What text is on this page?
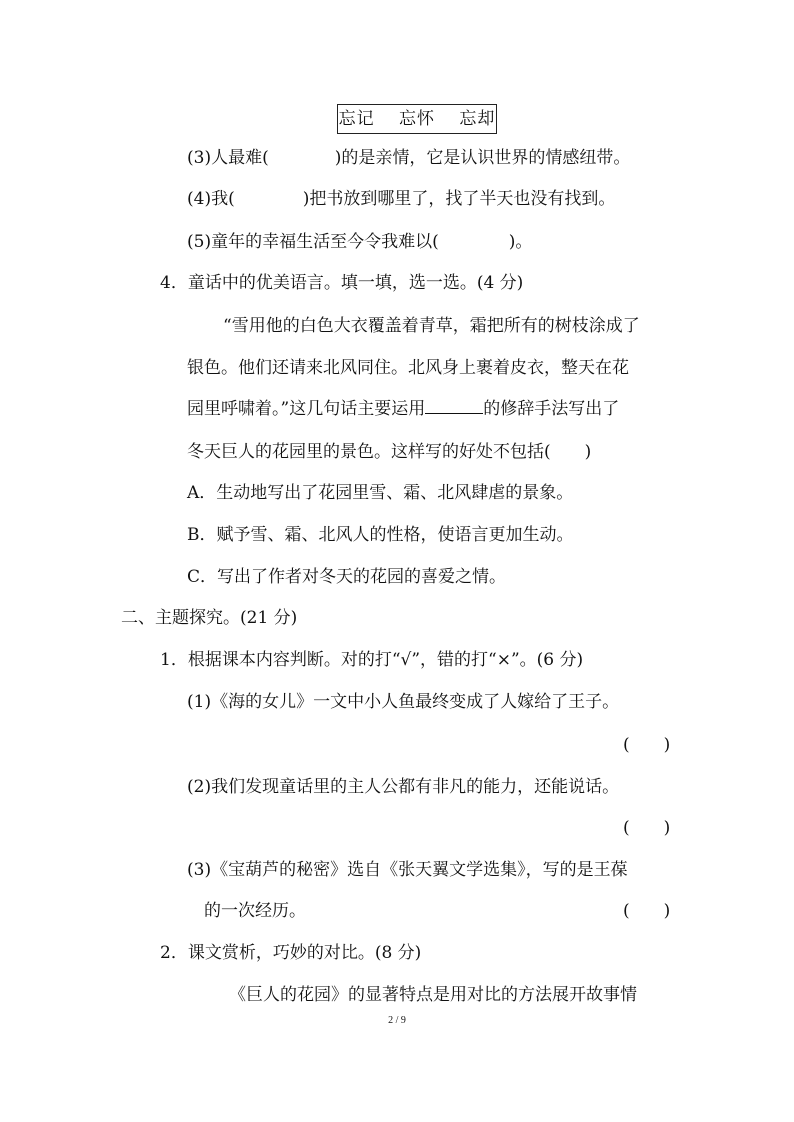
忘记　 忘怀　 忘却
(3)人最难(	)的是亲情，它是认识世界的情感纽带。
(4)我(	)把书放到哪里了，找了半天也没有找到。
(5)童年的幸福生活至今令我难以(	)。
4．童话中的优美语言。填一填，选一选。(4 分)
“雪用他的白色大衣覆盖着青草，霜把所有的树枝涂成了
银色。他们还请来北风同住。北风身上裹着皮衣，整天在花
园里呼啸着。”这几句话主要运用	的修辞手法写出了
冬天巨人的花园里的景色。这样写的好处不包括(　　)
A．生动地写出了花园里雪、霜、北风肆虐的景象。
B．赋予雪、霜、北风人的性格，使语言更加生动。
C．写出了作者对冬天的花园的喜爱之情。
二、主题探究。(21 分)
1．根据课本内容判断。对的打“√”，错的打“×”。(6 分)
(1)《海的女儿》一文中小人鱼最终变成了人嫁给了王子。
(　　)
(2)我们发现童话里的主人公都有非凡的能力，还能说话。
(　　)
(3)《宝葫芦的秘密》选自《张天翼文学选集》，写的是王葆
的一次经历。	(　　)
2．课文赏析，巧妙的对比。(8 分)
《巨人的花园》的显著特点是用对比的方法展开故事情
2 / 9
